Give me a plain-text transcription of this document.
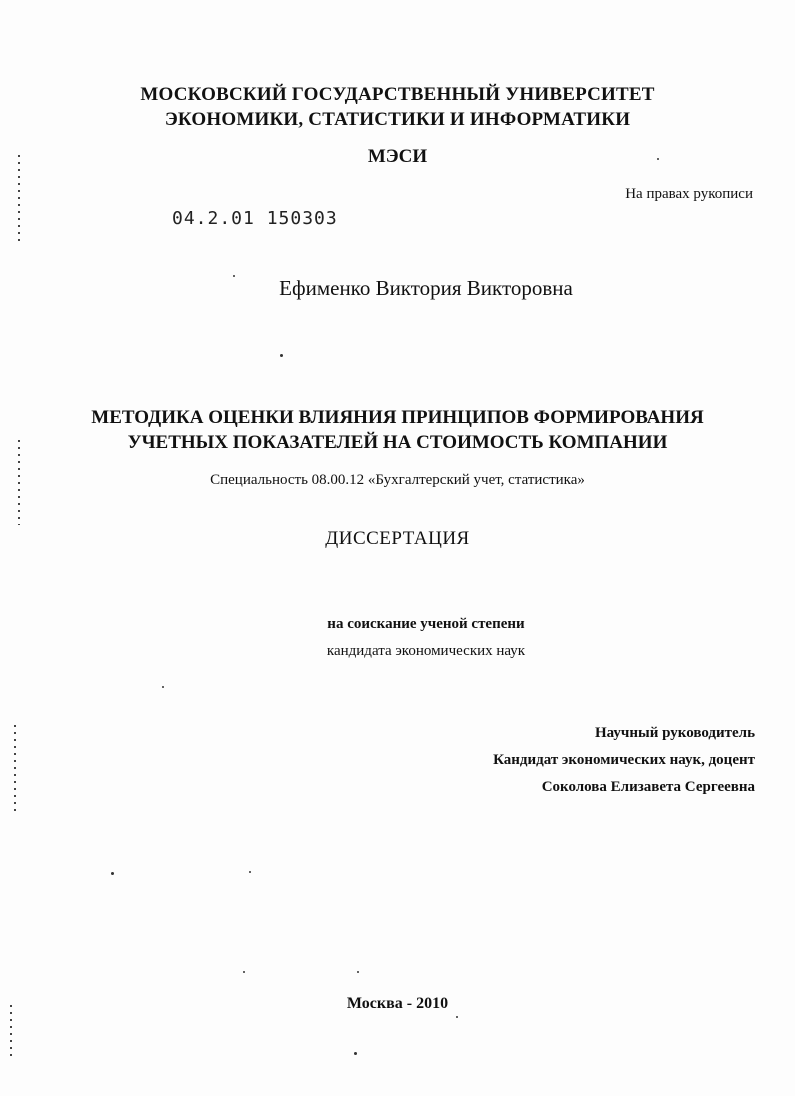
МОСКОВСКИЙ ГОСУДАРСТВЕННЫЙ УНИВЕРСИТЕТ
ЭКОНОМИКИ, СТАТИСТИКИ И ИНФОРМАТИКИ
МЭСИ
На правах рукописи
04.2.01 150303
Ефименко Виктория Викторовна
МЕТОДИКА ОЦЕНКИ ВЛИЯНИЯ ПРИНЦИПОВ ФОРМИРОВАНИЯ
УЧЕТНЫХ ПОКАЗАТЕЛЕЙ НА СТОИМОСТЬ КОМПАНИИ
Специальность 08.00.12 «Бухгалтерский учет, статистика»
ДИССЕРТАЦИЯ
на соискание ученой степени
кандидата экономических наук
Научный руководитель
Кандидат экономических наук, доцент
Соколова Елизавета Сергеевна
Москва - 2010
